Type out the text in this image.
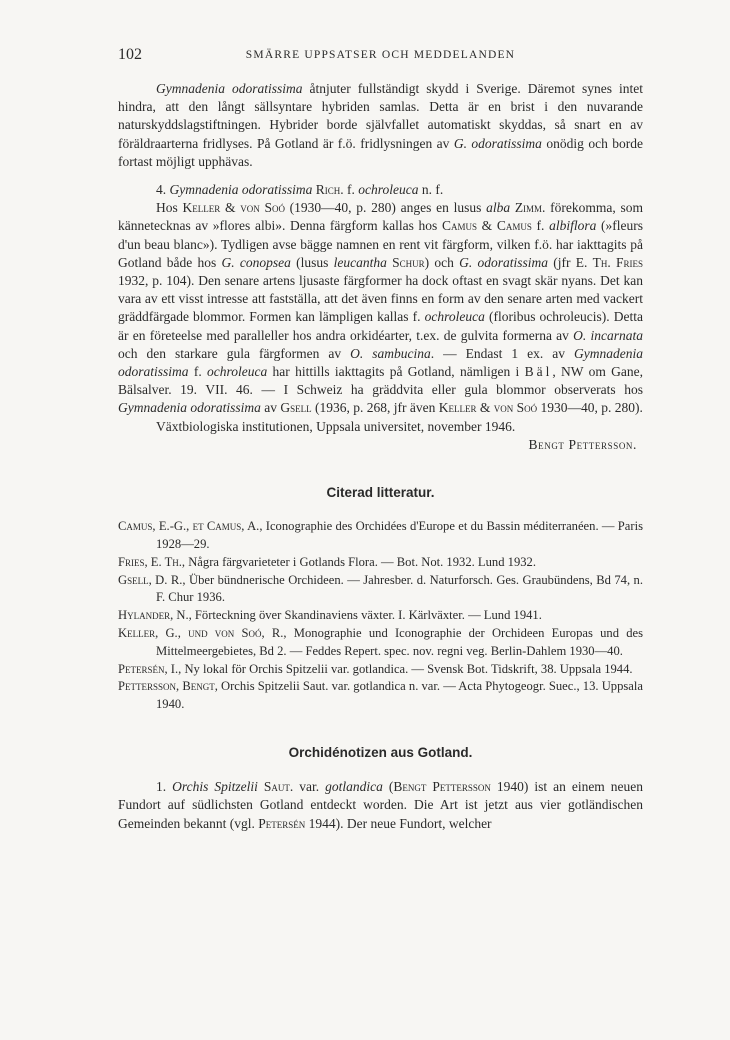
102	SMÄRRE UPPSATSER OCH MEDDELANDEN

Gymnadenia odoratissima åtnjuter fullständigt skydd i Sverige. Däremot synes intet hindra, att den långt sällsyntare hybriden samlas. Detta är en brist i den nuvarande naturskyddslagstiftningen. Hybrider borde självfallet automatiskt skyddas, så snart en av föräldraarterna fridlyses. På Gotland är f.ö. fridlysningen av G. odoratissima onödig och borde fortast möjligt upphävas.

4. Gymnadenia odoratissima Rich. f. ochroleuca n. f.

Hos Keller & von Soó (1930—40, p. 280) anges en lusus alba Zimm. förekomma, som kännetecknas av »flores albi». Denna färgform kallas hos Camus & Camus f. albiflora (»fleurs d'un beau blanc»). Tydligen avse bägge namnen en rent vit färgform, vilken f.ö. har iakttagits på Gotland både hos G. conopsea (lusus leucantha Schur) och G. odoratissima (jfr E. Th. Fries 1932, p. 104). Den senare artens ljusaste färgformer ha dock oftast en svagt skär nyans. Det kan vara av ett visst intresse att fastställa, att det även finns en form av den senare arten med vackert gräddfärgade blommor. Formen kan lämpligen kallas f. ochroleuca (floribus ochroleucis). Detta är en företeelse med paralleller hos andra orkidéarter, t.ex. de gulvita formerna av O. incarnata och den starkare gula färgformen av O. sambucina. — Endast 1 ex. av Gymnadenia odoratissima f. ochroleuca har hittills iakttagits på Gotland, nämligen i Bäl, NW om Gane, Bälsalver. 19. VII. 46. — I Schweiz ha gräddvita eller gula blommor observerats hos Gymnadenia odoratissima av Gsell (1936, p. 268, jfr även Keller & von Soó 1930—40, p. 280).

Växtbiologiska institutionen, Uppsala universitet, november 1946.

Bengt Pettersson.

Citerad litteratur.

Camus, E.-G., et Camus, A., Iconographie des Orchidées d'Europe et du Bassin méditerranéen. — Paris 1928—29.

Fries, E. Th., Några färgvarieteter i Gotlands Flora. — Bot. Not. 1932. Lund 1932.

Gsell, D. R., Über bündnerische Orchideen. — Jahresber. d. Naturforsch. Ges. Graubündens, Bd 74, n. F. Chur 1936.

Hylander, N., Förteckning över Skandinaviens växter. I. Kärlväxter. — Lund 1941.

Keller, G., und von Soó, R., Monographie und Iconographie der Orchideen Europas und des Mittelmeergebietes, Bd 2. — Feddes Repert. spec. nov. regni veg. Berlin-Dahlem 1930—40.

Petersén, I., Ny lokal för Orchis Spitzelii var. gotlandica. — Svensk Bot. Tidskrift, 38. Uppsala 1944.

Pettersson, Bengt, Orchis Spitzelii Saut. var. gotlandica n. var. — Acta Phytogeogr. Suec., 13. Uppsala 1940.

Orchidénotizen aus Gotland.

1. Orchis Spitzelii Saut. var. gotlandica (Bengt Pettersson 1940) ist an einem neuen Fundort auf südlichsten Gotland entdeckt worden. Die Art ist jetzt aus vier gotländischen Gemeinden bekannt (vgl. Petersén 1944). Der neue Fundort, welcher
